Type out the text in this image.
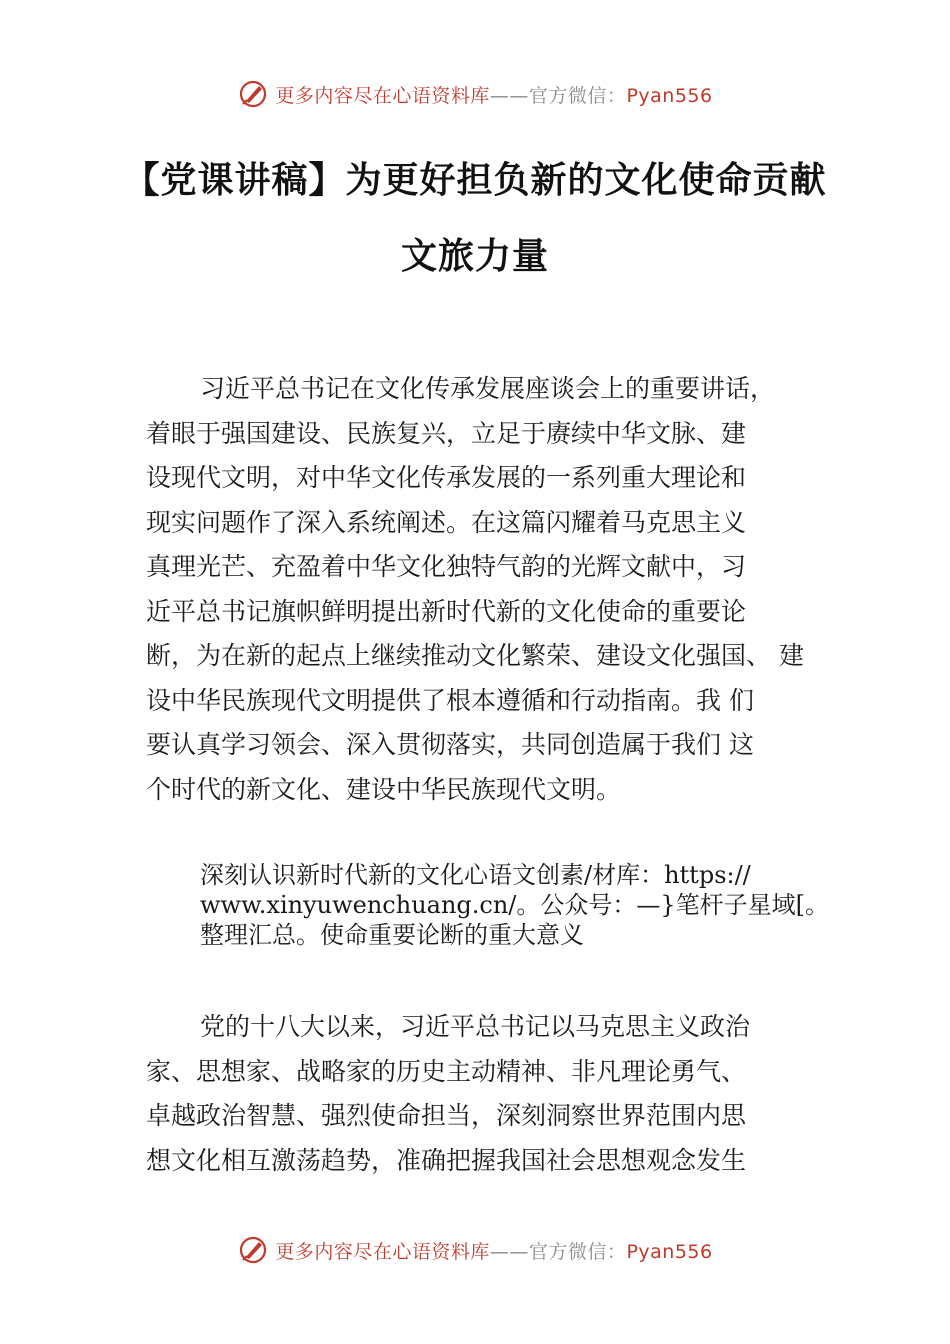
更多内容尽在心语资料库——官方微信：Pyan556
【党课讲稿】为更好担负新的文化使命贡献
文旅力量
习近平总书记在文化传承发展座谈会上的重要讲话，
着眼于强国建设、民族复兴，立足于赓续中华文脉、建
设现代文明，对中华文化传承发展的一系列重大理论和
现实问题作了深入系统阐述。在这篇闪耀着马克思主义
真理光芒、充盈着中华文化独特气韵的光辉文献中，习
近平总书记旗帜鲜明提出新时代新的文化使命的重要论
断，为在新的起点上继续推动文化繁荣、建设文化强国、 建
设中华民族现代文明提供了根本遵循和行动指南。我 们
要认真学习领会、深入贯彻落实，共同创造属于我们 这
个时代的新文化、建设中华民族现代文明。
深刻认识新时代新的文化心语文创素/材库：https://
www.xinyuwenchuang.cn/。公众号：—}笔杆子星域[。
整理汇总。使命重要论断的重大意义
党的十八大以来，习近平总书记以马克思主义政治
家、思想家、战略家的历史主动精神、非凡理论勇气、
卓越政治智慧、强烈使命担当，深刻洞察世界范围内思
想文化相互激荡趋势，准确把握我国社会思想观念发生
更多内容尽在心语资料库——官方微信：Pyan556
